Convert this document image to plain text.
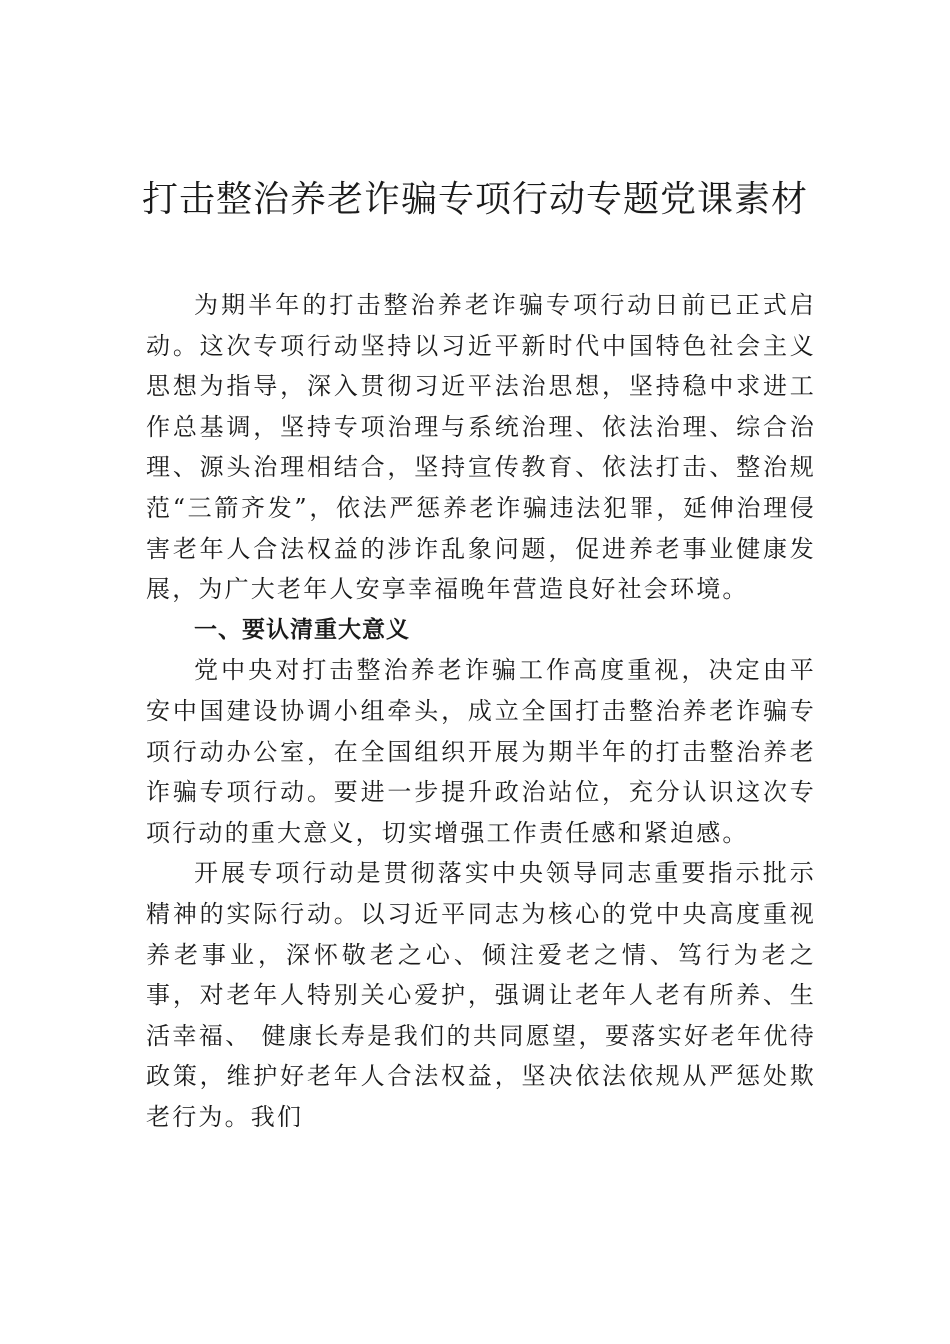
打击整治养老诈骗专项行动专题党课素材

为期半年的打击整治养老诈骗专项行动日前已正式启动。这次专项行动坚持以习近平新时代中国特色社会主义思想为指导，深入贯彻习近平法治思想，坚持稳中求进工作总基调，坚持专项治理与系统治理、依法治理、综合治理、源头治理相结合，坚持宣传教育、依法打击、整治规范“三箭齐发”，依法严惩养老诈骗违法犯罪，延伸治理侵害老年人合法权益的涉诈乱象问题，促进养老事业健康发展，为广大老年人安享幸福晚年营造良好社会环境。

一、要认清重大意义

党中央对打击整治养老诈骗工作高度重视，决定由平安中国建设协调小组牵头，成立全国打击整治养老诈骗专项行动办公室，在全国组织开展为期半年的打击整治养老诈骗专项行动。要进一步提升政治站位，充分认识这次专项行动的重大意义，切实增强工作责任感和紧迫感。

开展专项行动是贯彻落实中央领导同志重要指示批示精神的实际行动。以习近平同志为核心的党中央高度重视养老事业，深怀敬老之心、倾注爱老之情、笃行为老之事，对老年人特别关心爱护，强调让老年人老有所养、生活幸福、 健康长寿是我们的共同愿望，要落实好老年优待政策，维护好老年人合法权益，坚决依法依规从严惩处欺老行为。我们
